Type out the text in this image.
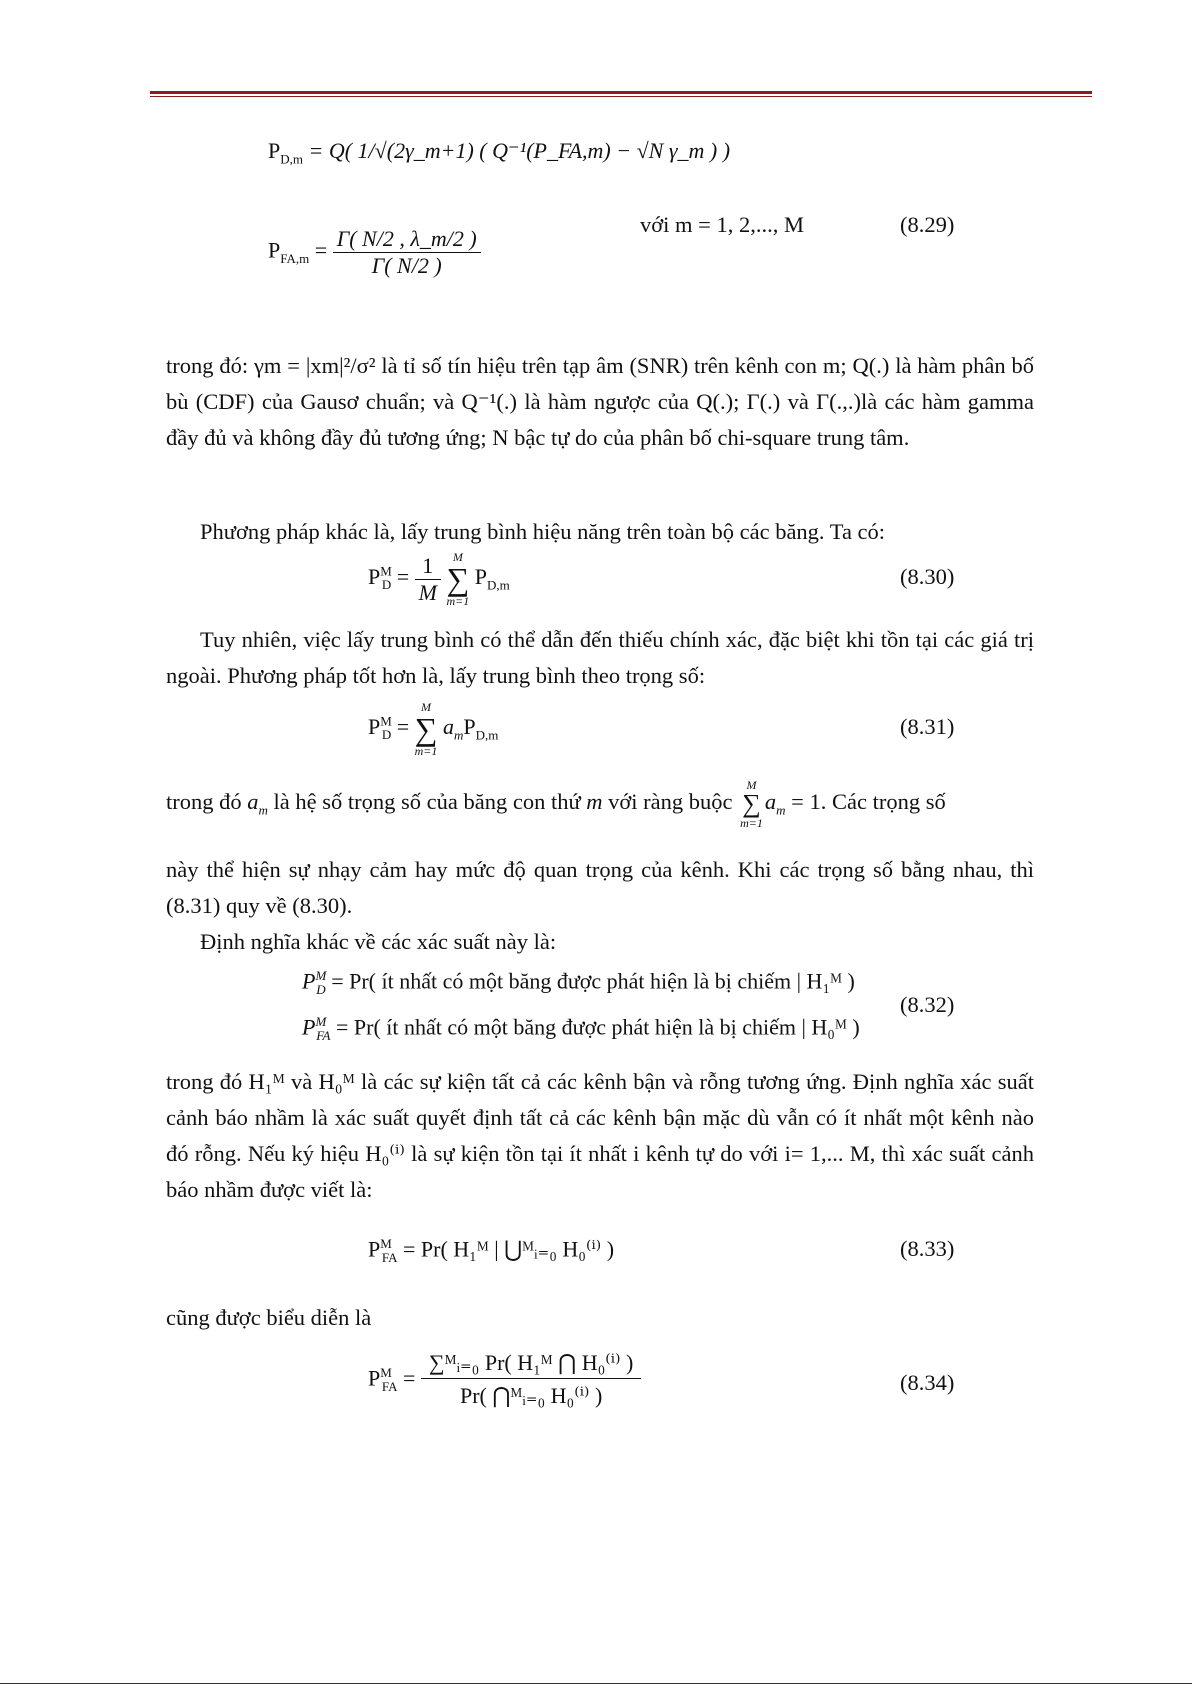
$P_{D,m} = Q$( 1/√(2γ_m+1) ( Q⁻¹(P_FA,m) − √N γ_m ) )
$P_{FA,m} = \frac{\Gamma( N/2 , \lambda\_m/2 )}{\Gamma( N/2 )}$
với m = 1, 2,..., M	(8.29)

trong đó: γm = |xm|²/σ² là tỉ số tín hiệu trên tạp âm (SNR) trên kênh con m; Q(.) là hàm phân bố bù (CDF) của Gausơ chuẩn; và Q⁻¹(.) là hàm ngược của Q(.); Γ(.) và Γ(.,.)là các hàm gamma đầy đủ và không đầy đủ tương ứng; N bậc tự do của phân bố chi-square trung tâm.

Phương pháp khác là, lấy trung bình hiệu năng trên toàn bộ các băng. Ta có:

$P^M_D = \frac{1}{M}$
M
∑
m=1
$P_{D,m}$	(8.30)

Tuy nhiên, việc lấy trung bình có thể dẫn đến thiếu chính xác, đặc biệt khi tồn tại các giá trị ngoài. Phương pháp tốt hơn là, lấy trung bình theo trọng số:

$P^M_D$ =
M
∑
m=1
$a_mP_{D,m}$	(8.31)
trong đó $a_m$ là hệ số trọng số của băng con thứ m với ràng buộc
M
∑
m=1
$a_m = 1$. Các trọng số

này thể hiện sự nhạy cảm hay mức độ quan trọng của kênh. Khi các trọng số bằng nhau, thì (8.31) quy về (8.30).

Định nghĩa khác về các xác suất này là:

$P^M_D = Pr$( ít nhất có một băng được phát hiện là bị chiếm | H₁ᴹ )
$P^M_{FA} = Pr$( ít nhất có một băng được phát hiện là bị chiếm | H₀ᴹ )
(8.32)

trong đó H₁ᴹ và H₀ᴹ là các sự kiện tất cả các kênh bận và rỗng tương ứng. Định nghĩa xác suất cảnh báo nhầm là xác suất quyết định tất cả các kênh bận mặc dù vẫn có ít nhất một kênh nào đó rỗng. Nếu ký hiệu H₀⁽ⁱ⁾ là sự kiện tồn tại ít nhất i kênh tự do với i= 1,... M, thì xác suất cảnh báo nhầm được viết là:

$P^M_{FA} = Pr$( H₁ᴹ | ⋃ᴹᵢ₌₀ H₀⁽ⁱ⁾ )	(8.33)

cũng được biểu diễn là

$P^M_{FA} = \frac{\text{∑ᴹᵢ₌₀ Pr( H₁ᴹ ⋂ H₀⁽ⁱ⁾ )}}{\text{Pr( ⋂ᴹᵢ₌₀ H₀⁽ⁱ⁾ )}}$	(8.34)
